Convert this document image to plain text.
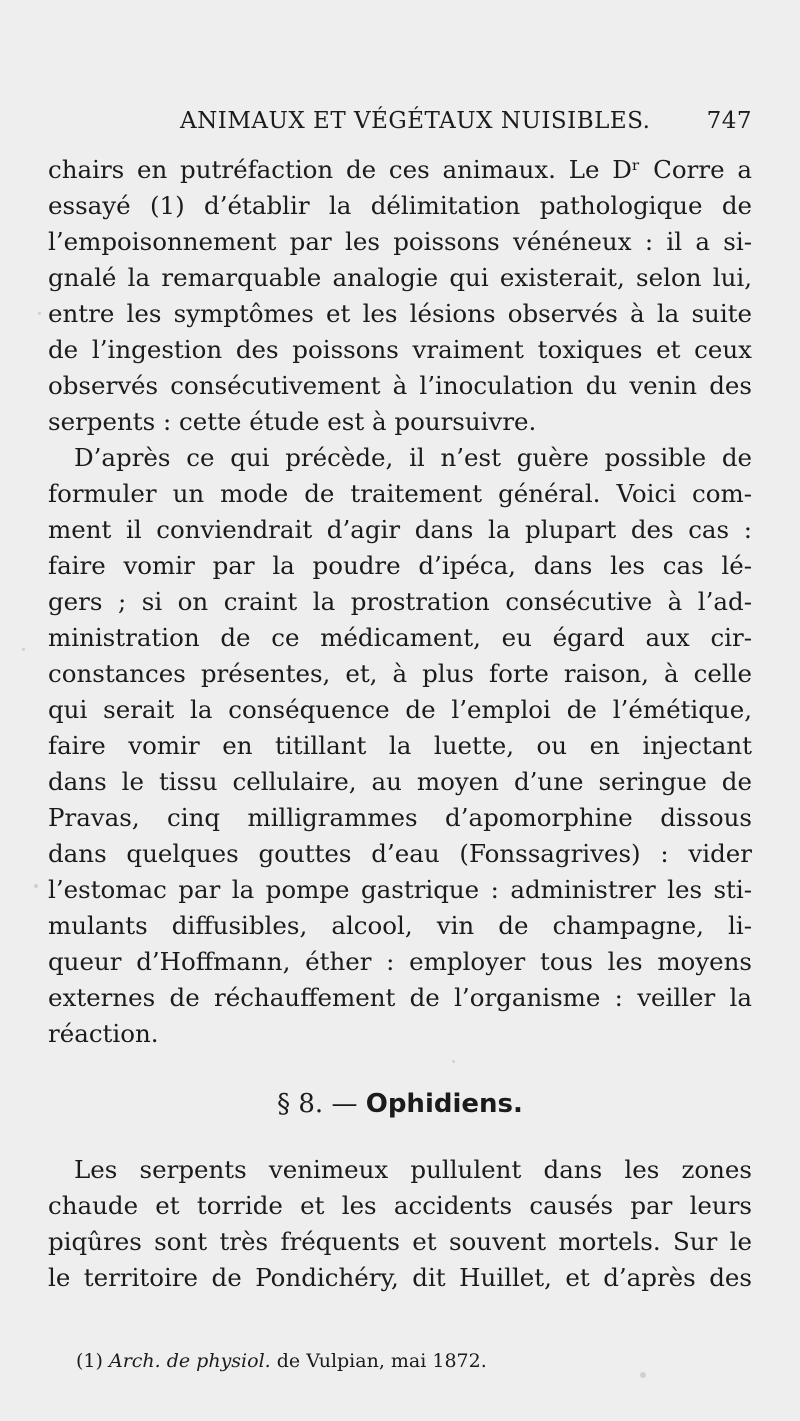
ANIMAUX ET VÉGÉTAUX NUISIBLES. 747
chairs en putréfaction de ces animaux. Le Dʳ Corre a
essayé (1) d’établir la délimitation pathologique de
l’empoisonnement par les poissons vénéneux : il a si-
gnalé la remarquable analogie qui existerait, selon lui,
entre les symptômes et les lésions observés à la suite
de l’ingestion des poissons vraiment toxiques et ceux
observés consécutivement à l’inoculation du venin des
serpents : cette étude est à poursuivre.
D’après ce qui précède, il n’est guère possible de
formuler un mode de traitement général. Voici com-
ment il conviendrait d’agir dans la plupart des cas :
faire vomir par la poudre d’ipéca, dans les cas lé-
gers ; si on craint la prostration consécutive à l’ad-
ministration de ce médicament, eu égard aux cir-
constances présentes, et, à plus forte raison, à celle
qui serait la conséquence de l’emploi de l’émétique,
faire vomir en titillant la luette, ou en injectant
dans le tissu cellulaire, au moyen d’une seringue de
Pravas, cinq milligrammes d’apomorphine dissous
dans quelques gouttes d’eau (Fonssagrives) : vider
l’estomac par la pompe gastrique : administrer les sti-
mulants diffusibles, alcool, vin de champagne, li-
queur d’Hoffmann, éther : employer tous les moyens
externes de réchauffement de l’organisme : veiller la
réaction.
§ 8. — Ophidiens.
Les serpents venimeux pullulent dans les zones
chaude et torride et les accidents causés par leurs
piqûres sont très fréquents et souvent mortels. Sur le
le territoire de Pondichéry, dit Huillet, et d’après des
(1) Arch. de physiol. de Vulpian, mai 1872.
